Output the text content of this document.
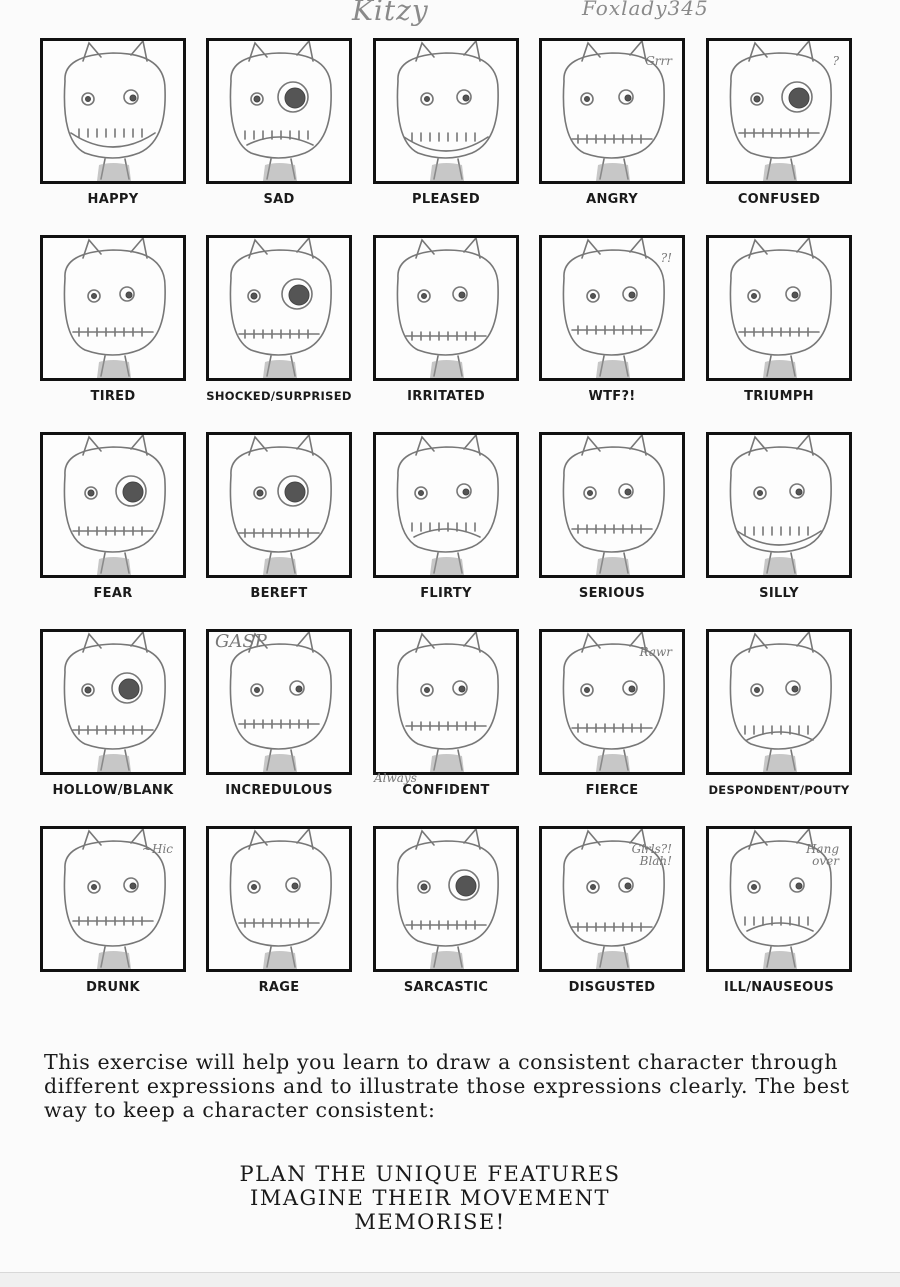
Kitzy	Foxlady345
HAPPY	SAD	PLEASED
Grrr
ANGRY
?
CONFUSED
TIRED	SHOCKED/SURPRISED	IRRITATED
?!
WTF?!	TRIUMPH
FEAR	BEREFT	FLIRTY	SERIOUS	SILLY
HOLLOW/BLANK
GASP
INCREDULOUS
Always
CONFIDENT
Rawr
FIERCE	DESPONDENT/POUTY
~Hic
DRUNK	RAGE	SARCASTIC
Girls?! Blah!
DISGUSTED
Hang over
ILL/NAUSEOUS
This exercise will help you learn to draw a consistent character through different expressions and to illustrate those expressions clearly. The best way to keep a character consistent:
PLAN THE UNIQUE FEATURES
IMAGINE THEIR MOVEMENT
MEMORISE!
